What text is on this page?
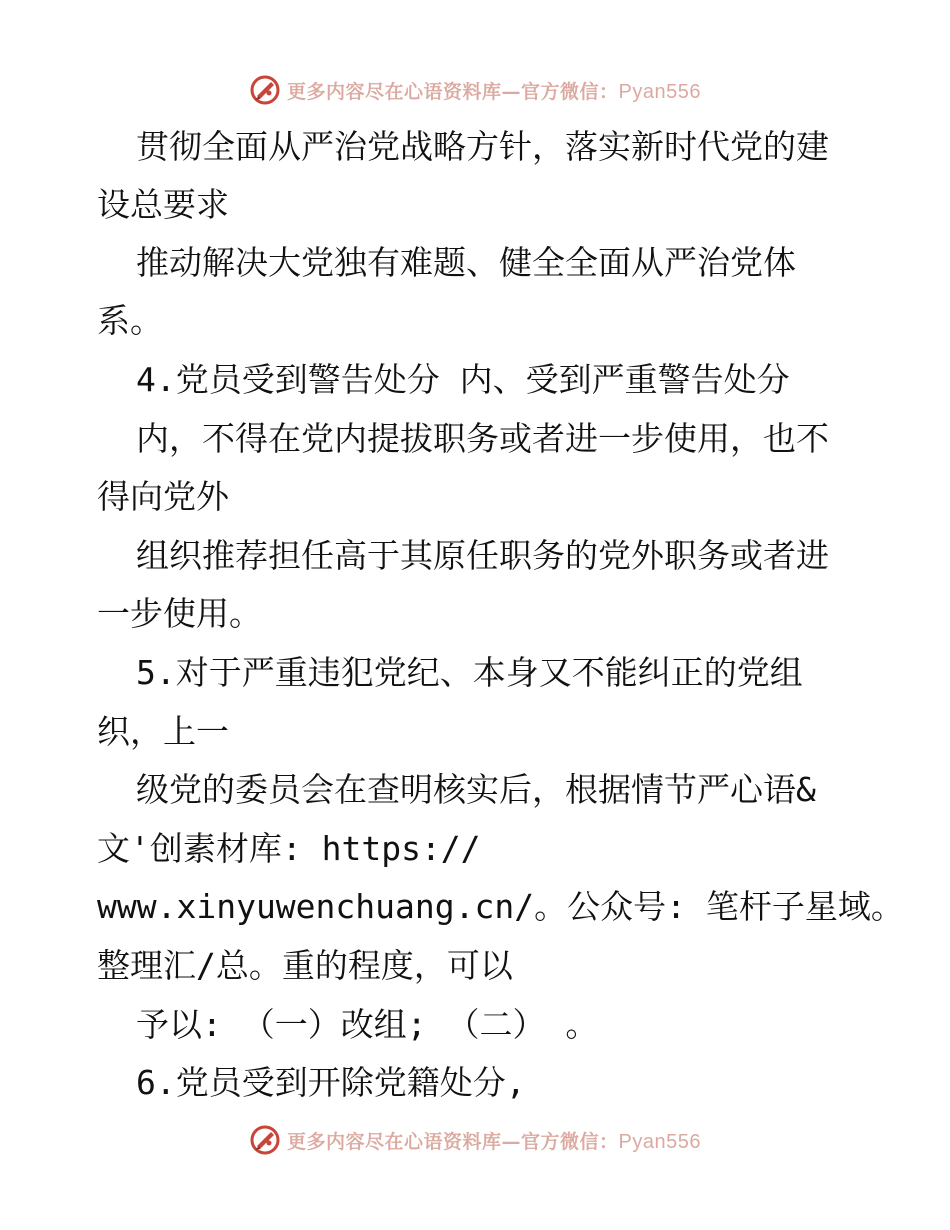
更多内容尽在心语资料库—官方微信：Pyan556
贯彻全面从严治党战略方针，落实新时代党的建
设总要求
推动解决大党独有难题、健全全面从严治党体
系。
4.党员受到警告处分 内、受到严重警告处分
内，不得在党内提拔职务或者进一步使用，也不
得向党外
组织推荐担任高于其原任职务的党外职务或者进
一步使用。
5.对于严重违犯党纪、本身又不能纠正的党组
织，上一
级党的委员会在查明核实后，根据情节严心语&
文'创素材库: https://
www.xinyuwenchuang.cn/。公众号: 笔杆子星域。
整理汇/总。重的程度，可以
予以: （一）改组; （二） 。
6.党员受到开除党籍处分,
更多内容尽在心语资料库—官方微信：Pyan556
